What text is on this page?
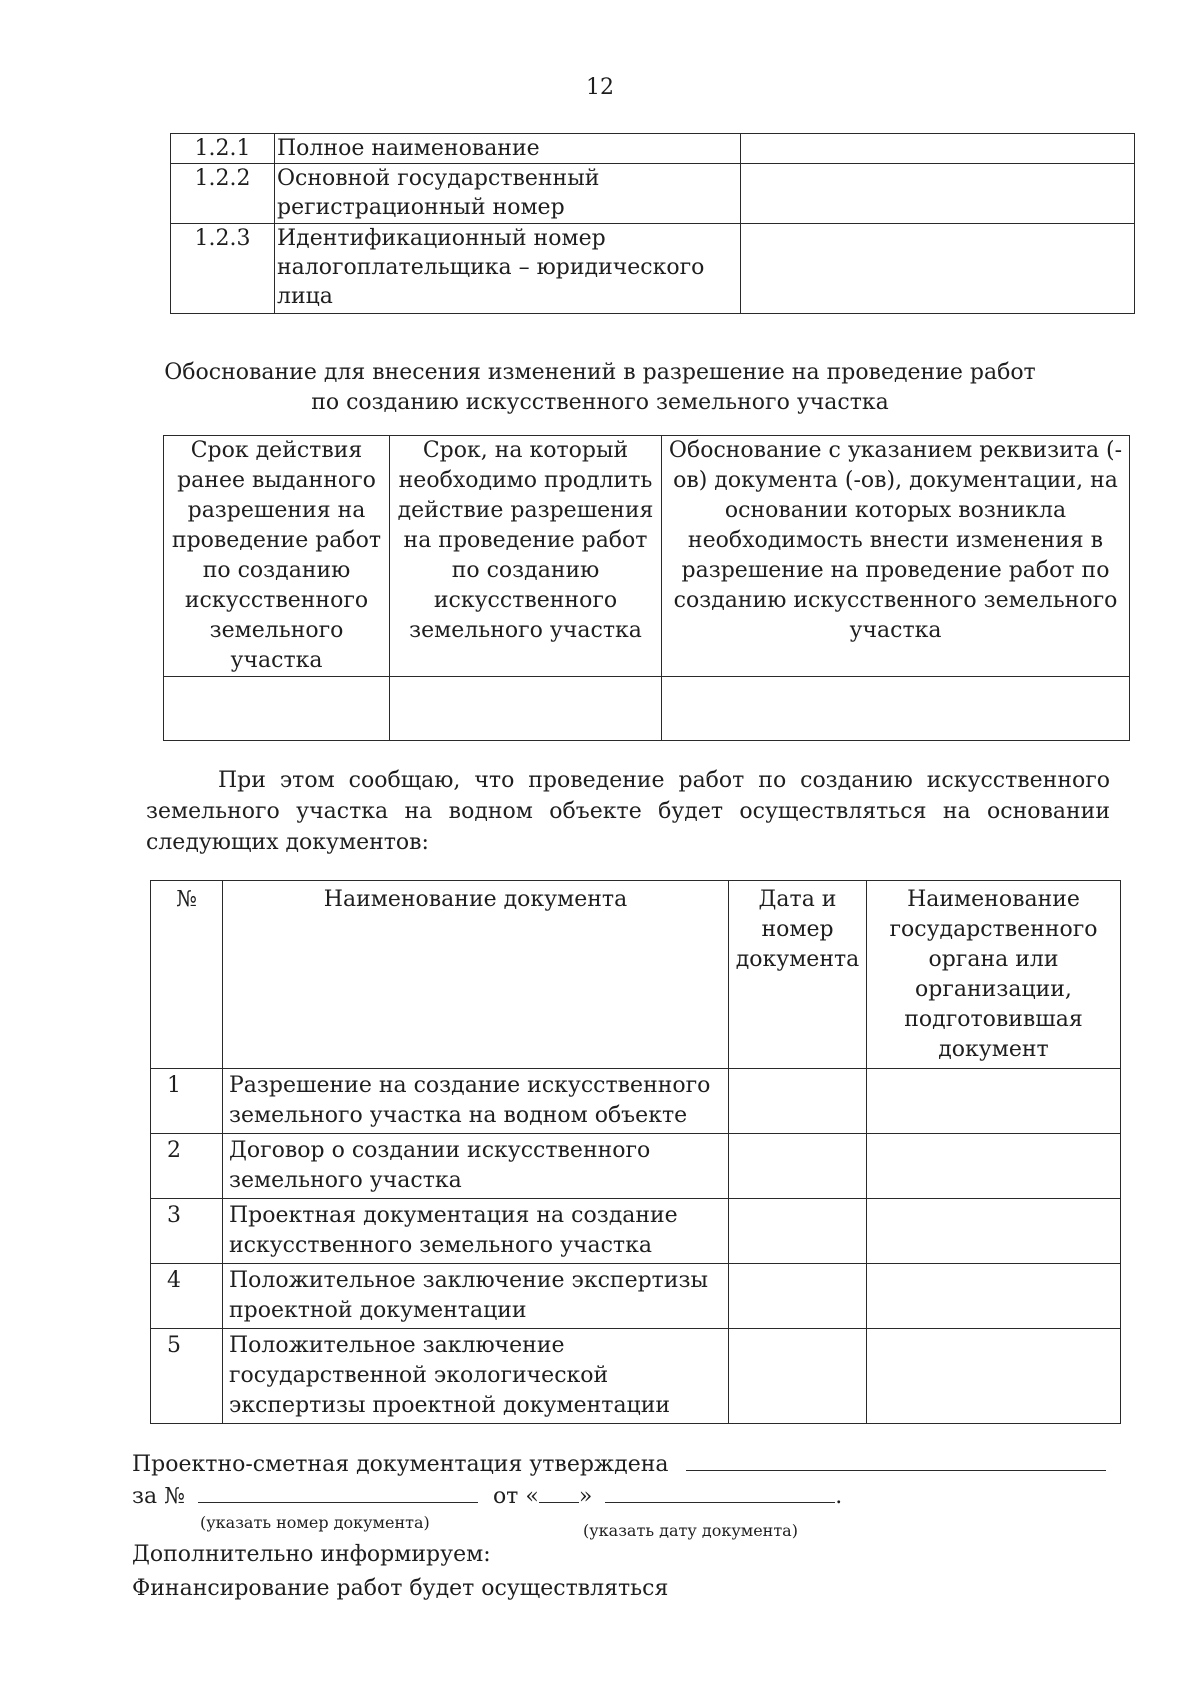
12
1.2.1	Полное наименование	
1.2.2	Основной государственный регистрационный номер	
1.2.3	Идентификационный номер налогоплательщика – юридического лица	
Обоснование для внесения изменений в разрешение на проведение работ по созданию искусственного земельного участка
Срок действия ранее выданного разрешения на проведение работ по созданию искусственного земельного участка	Срок, на который необходимо продлить действие разрешения на проведение работ по созданию искусственного земельного участка	Обоснование с указанием реквизита (-ов) документа (-ов), документации, на основании которых возникла необходимость внести изменения в разрешение на проведение работ по созданию искусственного земельного участка

При этом сообщаю, что проведение работ по созданию искусственного земельного участка на водном объекте будет осуществляться на основании следующих документов:
№	Наименование документа	Дата и номер документа	Наименование государственного органа или организации, подготовившая документ
1	Разрешение на создание искусственного земельного участка на водном объекте		
2	Договор о создании искусственного земельного участка		
3	Проектная документация на создание искусственного земельного участка		
4	Положительное заключение экспертизы проектной документации		
5	Положительное заключение государственной экологической экспертизы проектной документации		
Проектно-сметная документация утверждена
за №	от « »	.
(указать номер документа)	(указать дату документа)
Дополнительно информируем:
Финансирование работ будет осуществляться
